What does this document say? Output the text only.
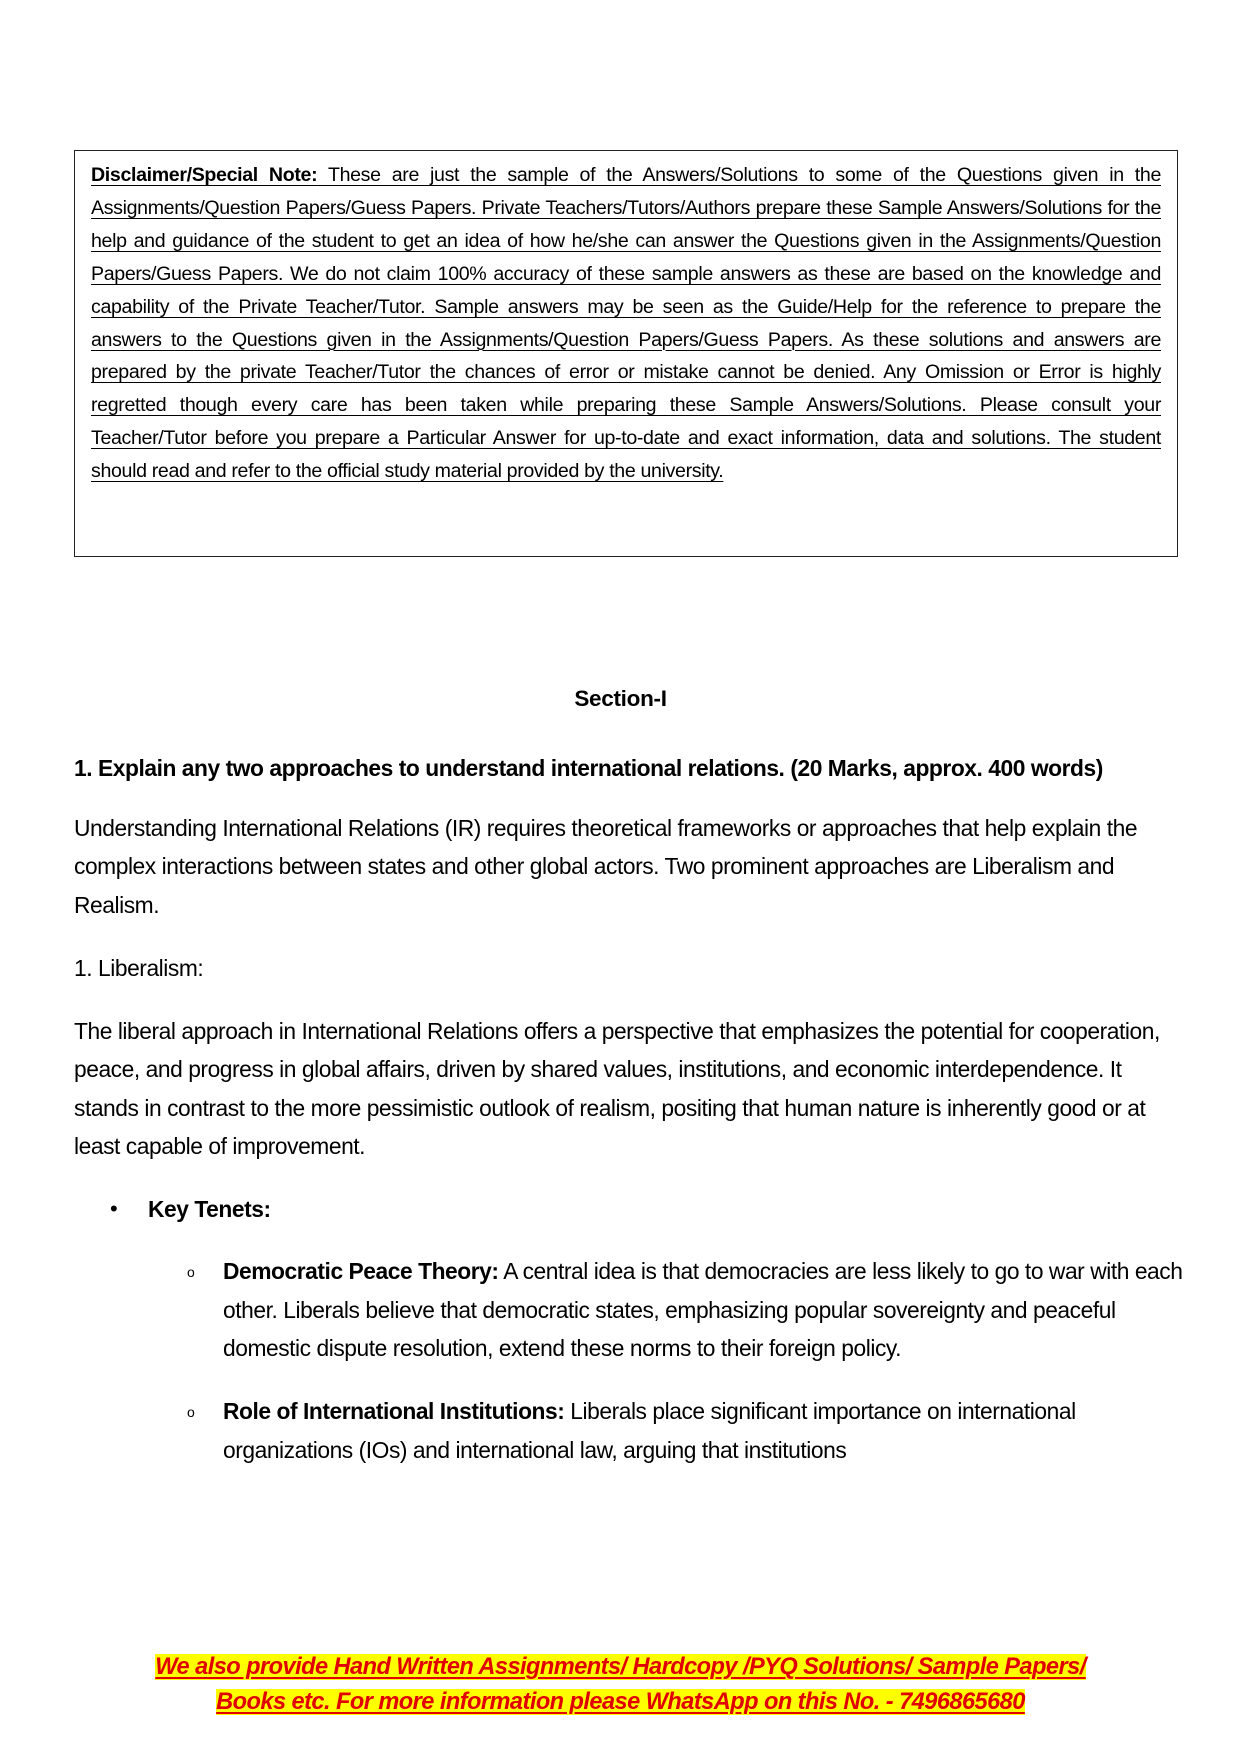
Disclaimer/Special Note: These are just the sample of the Answers/Solutions to some of the Questions given in the Assignments/Question Papers/Guess Papers. Private Teachers/Tutors/Authors prepare these Sample Answers/Solutions for the help and guidance of the student to get an idea of how he/she can answer the Questions given in the Assignments/Question Papers/Guess Papers. We do not claim 100% accuracy of these sample answers as these are based on the knowledge and capability of the Private Teacher/Tutor. Sample answers may be seen as the Guide/Help for the reference to prepare the answers to the Questions given in the Assignments/Question Papers/Guess Papers. As these solutions and answers are prepared by the private Teacher/Tutor the chances of error or mistake cannot be denied. Any Omission or Error is highly regretted though every care has been taken while preparing these Sample Answers/Solutions. Please consult your Teacher/Tutor before you prepare a Particular Answer for up-to-date and exact information, data and solutions. The student should read and refer to the official study material provided by the university.
Section-I

1. Explain any two approaches to understand international relations. (20 Marks, approx. 400 words)

Understanding International Relations (IR) requires theoretical frameworks or approaches that help explain the complex interactions between states and other global actors. Two prominent approaches are Liberalism and Realism.

1. Liberalism:

The liberal approach in International Relations offers a perspective that emphasizes the potential for cooperation, peace, and progress in global affairs, driven by shared values, institutions, and economic interdependence. It stands in contrast to the more pessimistic outlook of realism, positing that human nature is inherently good or at least capable of improvement.

• Key Tenets:
o Democratic Peace Theory: A central idea is that democracies are less likely to go to war with each other. Liberals believe that democratic states, emphasizing popular sovereignty and peaceful domestic dispute resolution, extend these norms to their foreign policy.
o Role of International Institutions: Liberals place significant importance on international organizations (IOs) and international law, arguing that institutions
We also provide Hand Written Assignments/ Hardcopy /PYQ Solutions/ Sample Papers/
Books etc. For more information please WhatsApp on this No. - 7496865680
